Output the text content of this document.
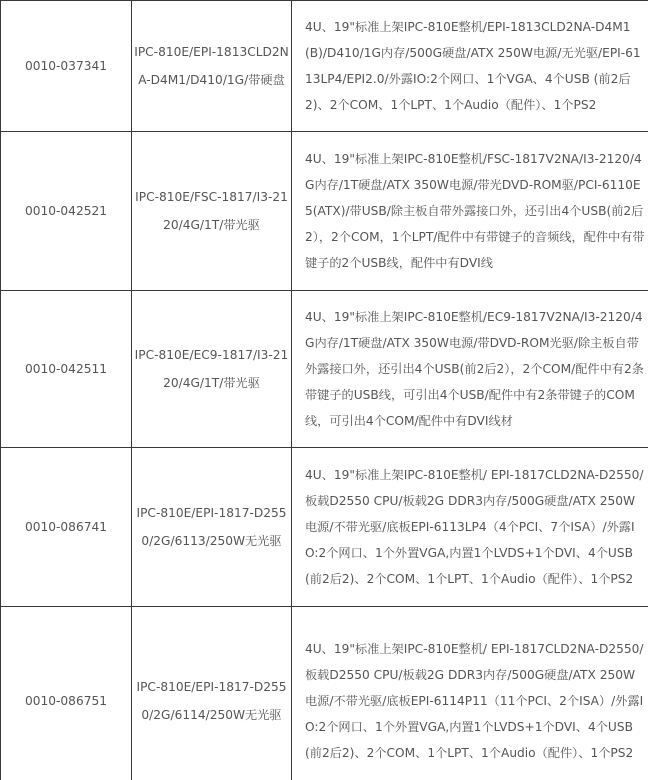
0010-037341	IPC-810E/EPI-1813CLD2NA-D4M1/D410/1G/带硬盘	4U、19"标准上架IPC-810E整机/EPI-1813CLD2NA-D4M1(B)/D410/1G内存/500G硬盘/ATX 250W电源/无光驱/EPI-6113LP4/EPI2.0/外露IO:2个网口、1个VGA、4个USB (前2后2)、2个COM、1个LPT、1个Audio（配件）、1个PS2
0010-042521	IPC-810E/FSC-1817/I3-2120/4G/1T/带光驱	4U、19"标准上架IPC-810E整机/FSC-1817V2NA/I3-2120/4G内存/1T硬盘/ATX 350W电源/带光DVD-ROM驱/PCI-6110E5(ATX)/带USB/除主板自带外露接口外，还引出4个USB(前2后2），2个COM，1个LPT/配件中有带键子的音频线，配件中有带键子的2个USB线，配件中有DVI线
0010-042511	IPC-810E/EC9-1817/I3-2120/4G/1T/带光驱	4U、19"标准上架IPC-810E整机/EC9-1817V2NA/I3-2120/4G内存/1T硬盘/ATX 350W电源/带DVD-ROM光驱/除主板自带外露接口外，还引出4个USB(前2后2），2个COM/配件中有2条带键子的USB线，可引出4个USB/配件中有2条带键子的COM线，可引出4个COM/配件中有DVI线材
0010-086741	IPC-810E/EPI-1817-D2550/2G/6113/250W无光驱	4U、19"标准上架IPC-810E整机/ EPI-1817CLD2NA-D2550/板载D2550 CPU/板载2G DDR3内存/500G硬盘/ATX 250W电源/不带光驱/底板EPI-6113LP4（4个PCI、7个ISA）/外露IO:2个网口、1个外置VGA,内置1个LVDS+1个DVI、4个USB(前2后2)、2个COM、1个LPT、1个Audio（配件）、1个PS2
0010-086751	IPC-810E/EPI-1817-D2550/2G/6114/250W无光驱	4U、19"标准上架IPC-810E整机/ EPI-1817CLD2NA-D2550/板载D2550 CPU/板载2G DDR3内存/500G硬盘/ATX 250W电源/不带光驱/底板EPI-6114P11（11个PCI、2个ISA）/外露IO:2个网口、1个外置VGA,内置1个LVDS+1个DVI、4个USB(前2后2)、2个COM、1个LPT、1个Audio（配件）、1个PS2
